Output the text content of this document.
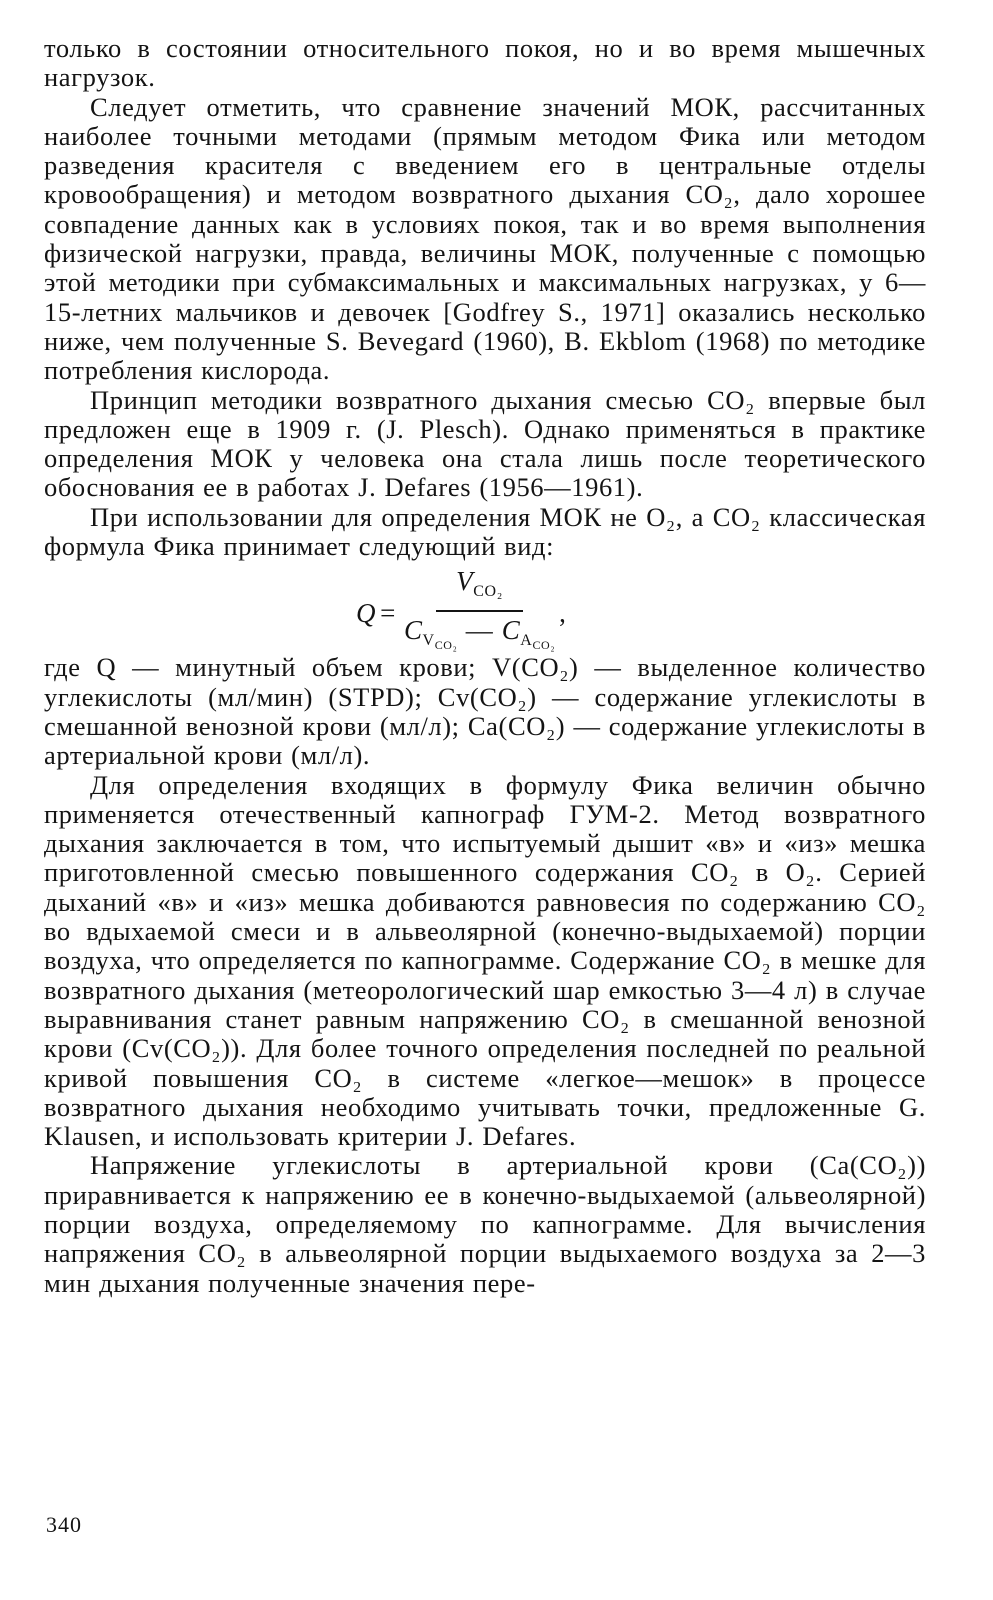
только в состоянии относительного покоя, но и во время мышечных нагрузок.

Следует отметить, что сравнение значений МОК, рассчитанных наиболее точными методами (прямым методом Фика или методом разведения красителя с введением его в центральные отделы кровообращения) и методом возвратного дыхания CO₂, дало хорошее совпадение данных как в условиях покоя, так и во время выполнения физической нагрузки, правда, величины МОК, полученные с помощью этой методики при субмаксимальных и максимальных нагрузках, у 6—15-летних мальчиков и девочек [Godfrey S., 1971] оказались несколько ниже, чем полученные S. Bevegard (1960), B. Ekblom (1968) по методике потребления кислорода.

Принцип методики возвратного дыхания смесью CO₂ впервые был предложен еще в 1909 г. (J. Plesch). Однако применяться в практике определения МОК у человека она стала лишь после теоретического обоснования ее в работах J. Defares (1956—1961).

При использовании для определения МОК не O₂, а CO₂ классическая формула Фика принимает следующий вид:

$Q = \frac{V_{CO_2}}{C_{V_{CO_2}} — C_{A_{CO_2}}}$ ,

где Q — минутный объем крови; V(CO₂) — выделенное количество углекислоты (мл/мин) (STPD); Cv(CO₂) — содержание углекислоты в смешанной венозной крови (мл/л); Ca(CO₂) — содержание углекислоты в артериальной крови (мл/л).

Для определения входящих в формулу Фика величин обычно применяется отечественный капнограф ГУМ-2. Метод возвратного дыхания заключается в том, что испытуемый дышит «в» и «из» мешка приготовленной смесью повышенного содержания CO₂ в O₂. Серией дыханий «в» и «из» мешка добиваются равновесия по содержанию CO₂ во вдыхаемой смеси и в альвеолярной (конечно-выдыхаемой) порции воздуха, что определяется по капнограмме. Содержание CO₂ в мешке для возвратного дыхания (метеорологический шар емкостью 3—4 л) в случае выравнивания станет равным напряжению CO₂ в смешанной венозной крови (Cv(CO₂)). Для более точного определения последней по реальной кривой повышения CO₂ в системе «легкое—мешок» в процессе возвратного дыхания необходимо учитывать точки, предложенные G. Klausen, и использовать критерии J. Defares.

Напряжение углекислоты в артериальной крови (Ca(CO₂)) приравнивается к напряжению ее в конечно-выдыхаемой (альвеолярной) порции воздуха, определяемому по капнограмме. Для вычисления напряжения CO₂ в альвеолярной порции выдыхаемого воздуха за 2—3 мин дыхания полученные значения пере-

340
